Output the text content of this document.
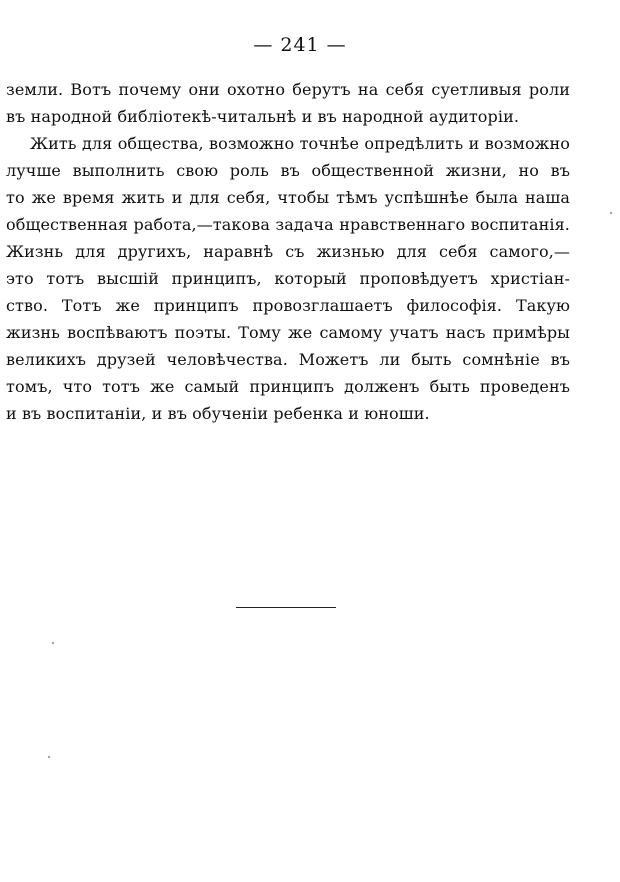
— 241 —
земли. Вотъ почему они охотно берутъ на себя суетливыя роли
въ народной библіотекѣ-читальнѣ и въ народной аудиторіи.
Жить для общества, возможно точнѣе опредѣлить и возможно
лучше выполнить свою роль въ общественной жизни, но въ
то же время жить и для себя, чтобы тѣмъ успѣшнѣе была наша
общественная работа,—такова задача нравственнаго воспитанія.
Жизнь для другихъ, наравнѣ съ жизнью для себя самого,—
это тотъ высшій принципъ, который проповѣдуетъ христіан-
ство. Тотъ же принципъ провозглашаетъ философія. Такую
жизнь воспѣваютъ поэты. Тому же самому учатъ насъ примѣры
великихъ друзей человѣчества. Можетъ ли быть сомнѣніе въ
томъ, что тотъ же самый принципъ долженъ быть проведенъ
и въ воспитаніи, и въ обученіи ребенка и юноши.
